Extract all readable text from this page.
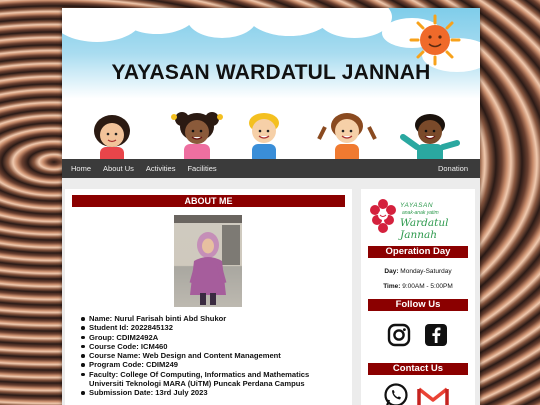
YAYASAN WARDATUL JANNAH
Home	About Us	Activities	Facilities	Donation
ABOUT ME
Name: Nurul Farisah binti Abd Shukor
Student Id: 2022845132
Group: CDIM2492A
Course Code: ICM460
Course Name: Web Design and Content Management
Program Code: CDIM249
Faculty: College Of Computing, Informatics and Mathematics
Universiti Teknologi MARA (UiTM) Puncak Perdana Campus
Submission Date: 13rd July 2023
YAYASAN
anak-anak yatim
Wardatul Jannah
Operation Day
Day: Monday-Saturday
Time: 9:00AM - 5:00PM
Follow Us
Contact Us
